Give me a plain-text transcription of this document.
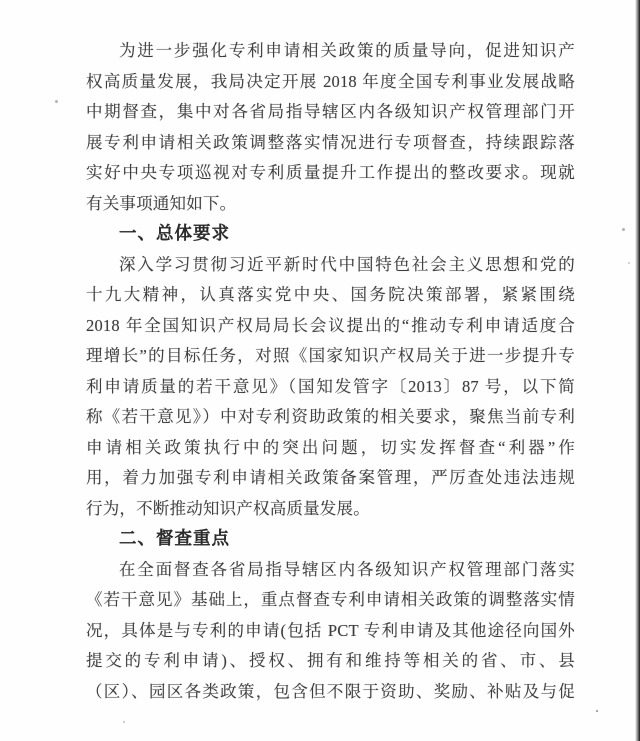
为进一步强化专利申请相关政策的质量导向，促进知识产
权高质量发展，我局决定开展 2018 年度全国专利事业发展战略
中期督查，集中对各省局指导辖区内各级知识产权管理部门开
展专利申请相关政策调整落实情况进行专项督查，持续跟踪落
实好中央专项巡视对专利质量提升工作提出的整改要求。现就
有关事项通知如下。
一、总体要求
深入学习贯彻习近平新时代中国特色社会主义思想和党的
十九大精神，认真落实党中央、国务院决策部署，紧紧围绕
2018 年全国知识产权局局长会议提出的“推动专利申请适度合
理增长”的目标任务，对照《国家知识产权局关于进一步提升专
利申请质量的若干意见》（国知发管字〔2013〕87 号，以下简
称《若干意见》）中对专利资助政策的相关要求，聚焦当前专利
申请相关政策执行中的突出问题，切实发挥督查“利器”作
用，着力加强专利申请相关政策备案管理，严厉查处违法违规
行为，不断推动知识产权高质量发展。
二、督查重点
在全面督查各省局指导辖区内各级知识产权管理部门落实
《若干意见》基础上，重点督查专利申请相关政策的调整落实情
况，具体是与专利的申请(包括 PCT 专利申请及其他途径向国外
提交的专利申请)、授权、拥有和维持等相关的省、市、县
（区）、园区各类政策，包含但不限于资助、奖励、补贴及与促
